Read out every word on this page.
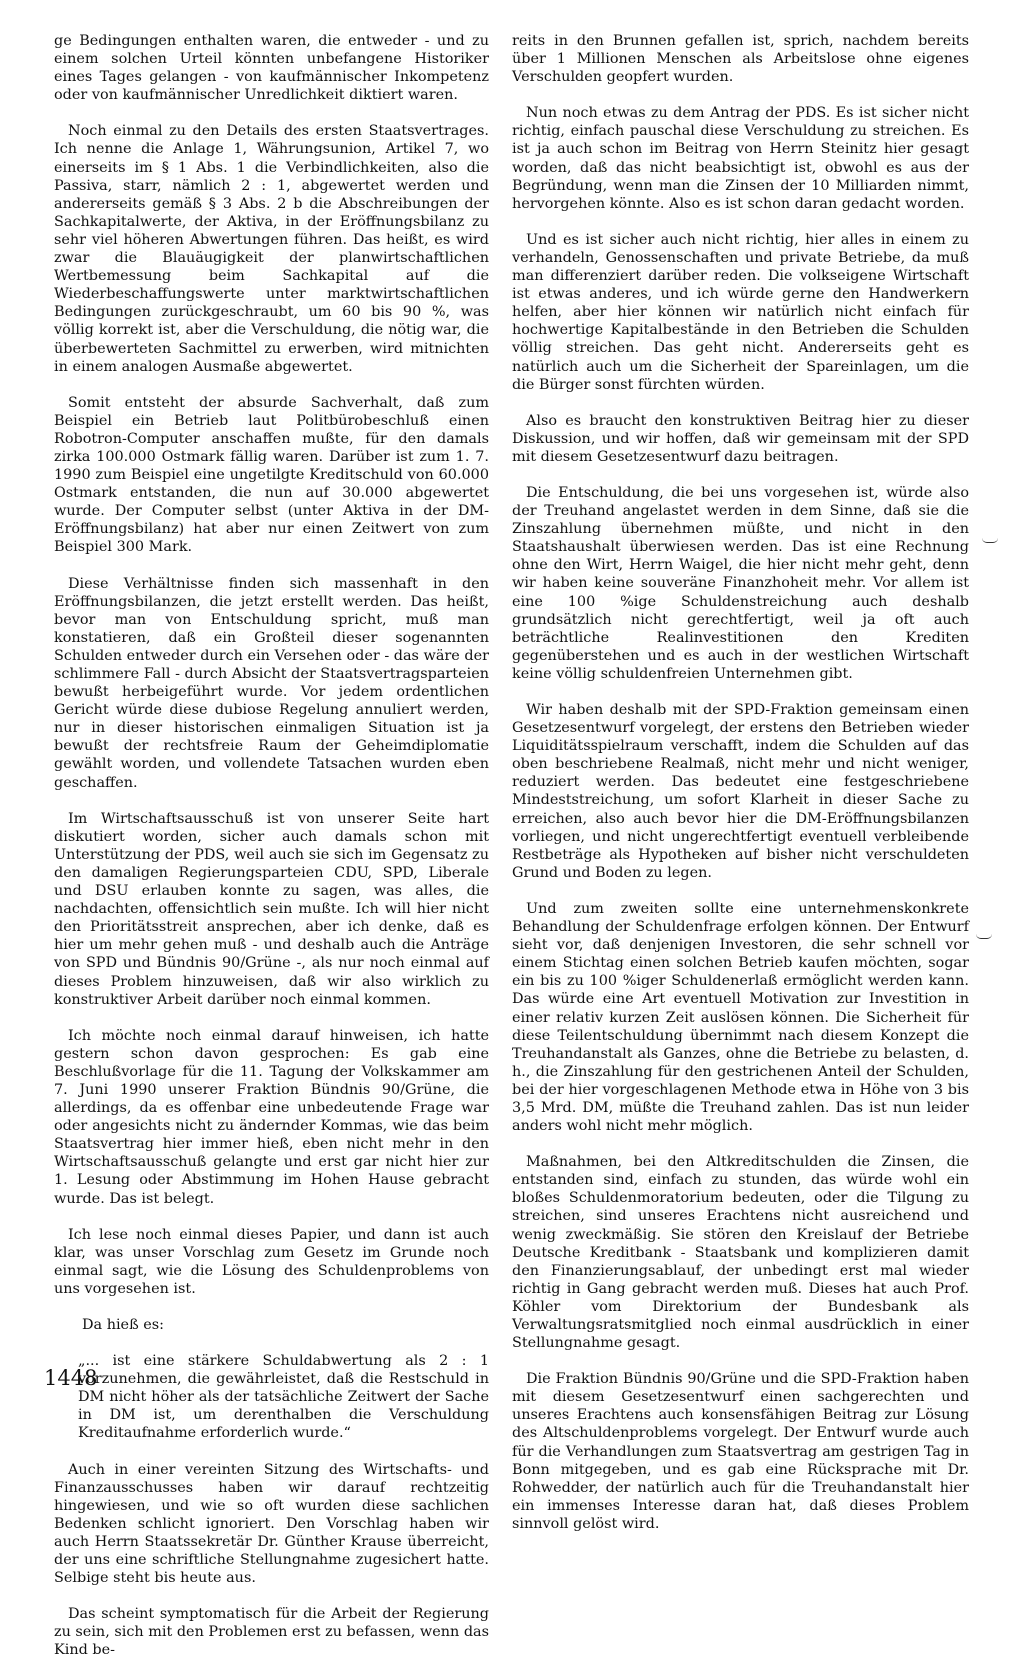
ge Bedingungen enthalten waren, die entweder - und zu einem solchen Urteil könnten unbefangene Historiker eines Tages gelangen - von kaufmännischer Inkompetenz oder von kaufmännischer Unredlichkeit diktiert waren.

Noch einmal zu den Details des ersten Staatsvertrages. Ich nenne die Anlage 1, Währungsunion, Artikel 7, wo einerseits im § 1 Abs. 1 die Verbindlichkeiten, also die Passiva, starr, nämlich 2 : 1, abgewertet werden und andererseits gemäß § 3 Abs. 2 b die Abschreibungen der Sachkapitalwerte, der Aktiva, in der Eröffnungsbilanz zu sehr viel höheren Abwertungen führen. Das heißt, es wird zwar die Blauäugigkeit der planwirtschaftlichen Wertbemessung beim Sachkapital auf die Wiederbeschaffungswerte unter marktwirtschaftlichen Bedingungen zurückgeschraubt, um 60 bis 90 %, was völlig korrekt ist, aber die Verschuldung, die nötig war, die überbewerteten Sachmittel zu erwerben, wird mitnichten in einem analogen Ausmaße abgewertet.

Somit entsteht der absurde Sachverhalt, daß zum Beispiel ein Betrieb laut Politbürobeschluß einen Robotron-Computer anschaffen mußte, für den damals zirka 100.000 Ostmark fällig waren. Darüber ist zum 1. 7. 1990 zum Beispiel eine ungetilgte Kreditschuld von 60.000 Ostmark entstanden, die nun auf 30.000 abgewertet wurde. Der Computer selbst (unter Aktiva in der DM-Eröffnungsbilanz) hat aber nur einen Zeitwert von zum Beispiel 300 Mark.

Diese Verhältnisse finden sich massenhaft in den Eröffnungsbilanzen, die jetzt erstellt werden. Das heißt, bevor man von Entschuldung spricht, muß man konstatieren, daß ein Großteil dieser sogenannten Schulden entweder durch ein Versehen oder - das wäre der schlimmere Fall - durch Absicht der Staatsvertragsparteien bewußt herbeigeführt wurde. Vor jedem ordentlichen Gericht würde diese dubiose Regelung annuliert werden, nur in dieser historischen einmaligen Situation ist ja bewußt der rechtsfreie Raum der Geheimdiplomatie gewählt worden, und vollendete Tatsachen wurden eben geschaffen.

Im Wirtschaftsausschuß ist von unserer Seite hart diskutiert worden, sicher auch damals schon mit Unterstützung der PDS, weil auch sie sich im Gegensatz zu den damaligen Regierungsparteien CDU, SPD, Liberale und DSU erlauben konnte zu sagen, was alles, die nachdachten, offensichtlich sein mußte. Ich will hier nicht den Prioritätsstreit ansprechen, aber ich denke, daß es hier um mehr gehen muß - und deshalb auch die Anträge von SPD und Bündnis 90/Grüne -, als nur noch einmal auf dieses Problem hinzuweisen, daß wir also wirklich zu konstruktiver Arbeit darüber noch einmal kommen.

Ich möchte noch einmal darauf hinweisen, ich hatte gestern schon davon gesprochen: Es gab eine Beschlußvorlage für die 11. Tagung der Volkskammer am 7. Juni 1990 unserer Fraktion Bündnis 90/Grüne, die allerdings, da es offenbar eine unbedeutende Frage war oder angesichts nicht zu ändernder Kommas, wie das beim Staatsvertrag hier immer hieß, eben nicht mehr in den Wirtschaftsausschuß gelangte und erst gar nicht hier zur 1. Lesung oder Abstimmung im Hohen Hause gebracht wurde. Das ist belegt.

Ich lese noch einmal dieses Papier, und dann ist auch klar, was unser Vorschlag zum Gesetz im Grunde noch einmal sagt, wie die Lösung des Schuldenproblems von uns vorgesehen ist.

Da hieß es:

„... ist eine stärkere Schuldabwertung als 2 : 1 vorzunehmen, die gewährleistet, daß die Restschuld in DM nicht höher als der tatsächliche Zeitwert der Sache in DM ist, um derenthalben die Verschuldung Kreditaufnahme erforderlich wurde.“

Auch in einer vereinten Sitzung des Wirtschafts- und Finanzausschusses haben wir darauf rechtzeitig hingewiesen, und wie so oft wurden diese sachlichen Bedenken schlicht ignoriert. Den Vorschlag haben wir auch Herrn Staatssekretär Dr. Günther Krause überreicht, der uns eine schriftliche Stellungnahme zugesichert hatte. Selbige steht bis heute aus.

Das scheint symptomatisch für die Arbeit der Regierung zu sein, sich mit den Problemen erst zu befassen, wenn das Kind be-

reits in den Brunnen gefallen ist, sprich, nachdem bereits über 1 Millionen Menschen als Arbeitslose ohne eigenes Verschulden geopfert wurden.

Nun noch etwas zu dem Antrag der PDS. Es ist sicher nicht richtig, einfach pauschal diese Verschuldung zu streichen. Es ist ja auch schon im Beitrag von Herrn Steinitz hier gesagt worden, daß das nicht beabsichtigt ist, obwohl es aus der Begründung, wenn man die Zinsen der 10 Milliarden nimmt, hervorgehen könnte. Also es ist schon daran gedacht worden.

Und es ist sicher auch nicht richtig, hier alles in einem zu verhandeln, Genossenschaften und private Betriebe, da muß man differenziert darüber reden. Die volkseigene Wirtschaft ist etwas anderes, und ich würde gerne den Handwerkern helfen, aber hier können wir natürlich nicht einfach für hochwertige Kapitalbestände in den Betrieben die Schulden völlig streichen. Das geht nicht. Andererseits geht es natürlich auch um die Sicherheit der Spareinlagen, um die die Bürger sonst fürchten würden.

Also es braucht den konstruktiven Beitrag hier zu dieser Diskussion, und wir hoffen, daß wir gemeinsam mit der SPD mit diesem Gesetzesentwurf dazu beitragen.

Die Entschuldung, die bei uns vorgesehen ist, würde also der Treuhand angelastet werden in dem Sinne, daß sie die Zinszahlung übernehmen müßte, und nicht in den Staatshaushalt überwiesen werden. Das ist eine Rechnung ohne den Wirt, Herrn Waigel, die hier nicht mehr geht, denn wir haben keine souveräne Finanzhoheit mehr. Vor allem ist eine 100 %ige Schuldenstreichung auch deshalb grundsätzlich nicht gerechtfertigt, weil ja oft auch beträchtliche Realinvestitionen den Krediten gegenüberstehen und es auch in der westlichen Wirtschaft keine völlig schuldenfreien Unternehmen gibt.

Wir haben deshalb mit der SPD-Fraktion gemeinsam einen Gesetzesentwurf vorgelegt, der erstens den Betrieben wieder Liquiditätsspielraum verschafft, indem die Schulden auf das oben beschriebene Realmaß, nicht mehr und nicht weniger, reduziert werden. Das bedeutet eine festgeschriebene Mindeststreichung, um sofort Klarheit in dieser Sache zu erreichen, also auch bevor hier die DM-Eröffnungsbilanzen vorliegen, und nicht ungerechtfertigt eventuell verbleibende Restbeträge als Hypotheken auf bisher nicht verschuldeten Grund und Boden zu legen.

Und zum zweiten sollte eine unternehmenskonkrete Behandlung der Schuldenfrage erfolgen können. Der Entwurf sieht vor, daß denjenigen Investoren, die sehr schnell vor einem Stichtag einen solchen Betrieb kaufen möchten, sogar ein bis zu 100 %iger Schuldenerlaß ermöglicht werden kann. Das würde eine Art eventuell Motivation zur Investition in einer relativ kurzen Zeit auslösen können. Die Sicherheit für diese Teilentschuldung übernimmt nach diesem Konzept die Treuhandanstalt als Ganzes, ohne die Betriebe zu belasten, d. h., die Zinszahlung für den gestrichenen Anteil der Schulden, bei der hier vorgeschlagenen Methode etwa in Höhe von 3 bis 3,5 Mrd. DM, müßte die Treuhand zahlen. Das ist nun leider anders wohl nicht mehr möglich.

Maßnahmen, bei den Altkreditschulden die Zinsen, die entstanden sind, einfach zu stunden, das würde wohl ein bloßes Schuldenmoratorium bedeuten, oder die Tilgung zu streichen, sind unseres Erachtens nicht ausreichend und wenig zweckmäßig. Sie stören den Kreislauf der Betriebe Deutsche Kreditbank - Staatsbank und komplizieren damit den Finanzierungsablauf, der unbedingt erst mal wieder richtig in Gang gebracht werden muß. Dieses hat auch Prof. Köhler vom Direktorium der Bundesbank als Verwaltungsratsmitglied noch einmal ausdrücklich in einer Stellungnahme gesagt.

Die Fraktion Bündnis 90/Grüne und die SPD-Fraktion haben mit diesem Gesetzesentwurf einen sachgerechten und unseres Erachtens auch konsensfähigen Beitrag zur Lösung des Altschuldenproblems vorgelegt. Der Entwurf wurde auch für die Verhandlungen zum Staatsvertrag am gestrigen Tag in Bonn mitgegeben, und es gab eine Rücksprache mit Dr. Rohwedder, der natürlich auch für die Treuhandanstalt hier ein immenses Interesse daran hat, daß dieses Problem sinnvoll gelöst wird.

1448
